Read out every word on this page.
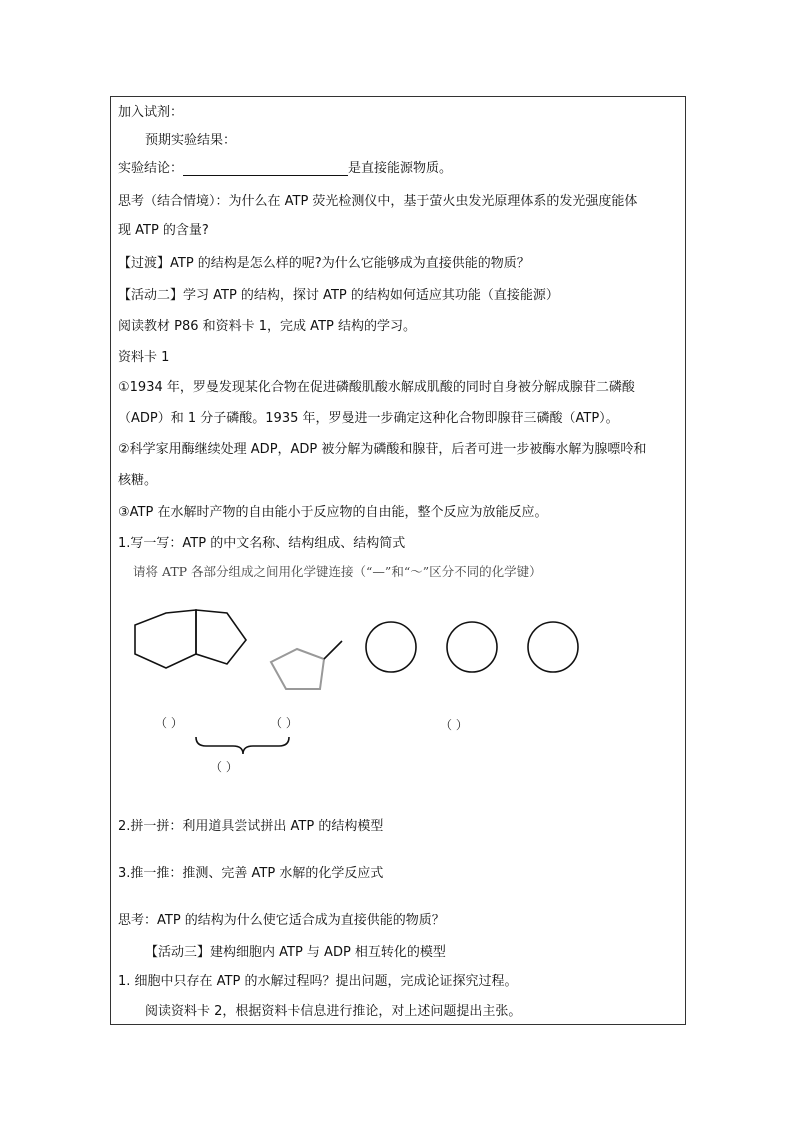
加入试剂：
预期实验结果：
实验结论：	是直接能源物质。
思考（结合情境）：为什么在 ATP 荧光检测仪中，基于萤火虫发光原理体系的发光强度能体
现 ATP 的含量?
【过渡】ATP 的结构是怎么样的呢?为什么它能够成为直接供能的物质？
【活动二】学习 ATP 的结构，探讨 ATP 的结构如何适应其功能（直接能源）
阅读教材 P86 和资料卡 1，完成 ATP 结构的学习。
资料卡 1
①1934 年，罗曼发现某化合物在促进磷酸肌酸水解成肌酸的同时自身被分解成腺苷二磷酸
（ADP）和 1 分子磷酸。1935 年，罗曼进一步确定这种化合物即腺苷三磷酸（ATP）。
②科学家用酶继续处理 ADP，ADP 被分解为磷酸和腺苷，后者可进一步被酶水解为腺嘌呤和
核糖。
③ATP 在水解时产物的自由能小于反应物的自由能，整个反应为放能反应。
1.写一写：ATP 的中文名称、结构组成、结构简式
请将 ATP 各部分组成之间用化学键连接（“—”和“～”区分不同的化学键）
（ ）	（ ）	（ ）
（ ）
2.拼一拼：利用道具尝试拼出 ATP 的结构模型
3.推一推：推测、完善 ATP 水解的化学反应式
思考：ATP 的结构为什么使它适合成为直接供能的物质？
【活动三】建构细胞内 ATP 与 ADP 相互转化的模型
1. 细胞中只存在 ATP 的水解过程吗？提出问题，完成论证探究过程。
阅读资料卡 2，根据资料卡信息进行推论，对上述问题提出主张。
